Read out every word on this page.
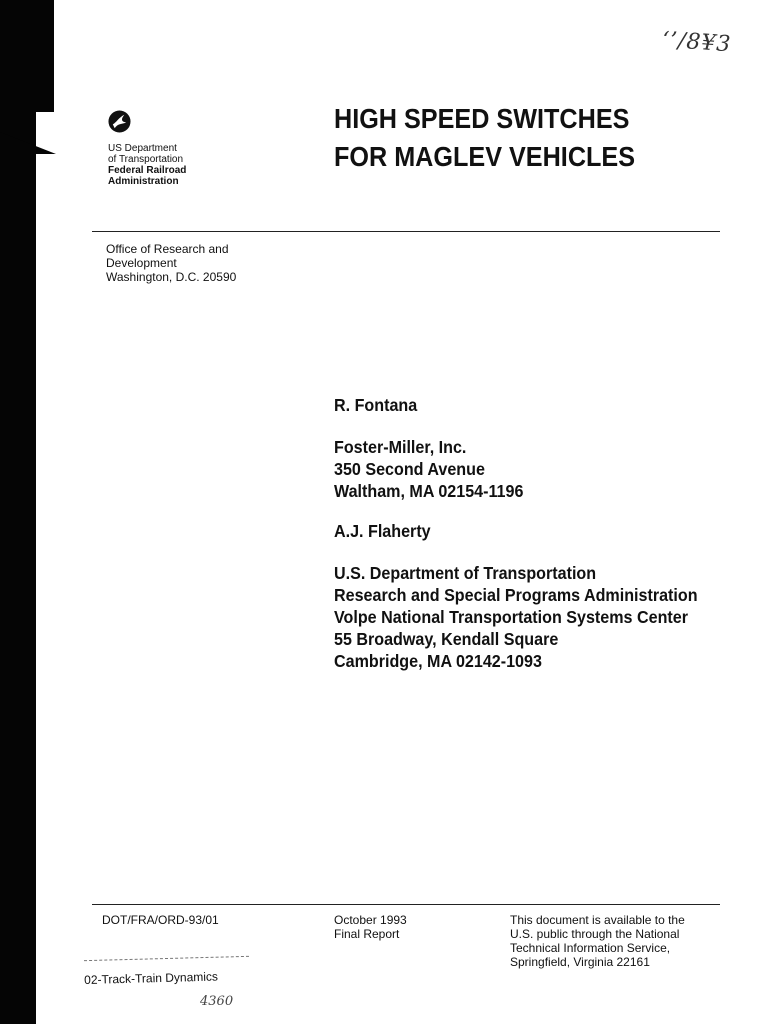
‘’/8¥3
US Department
of Transportation
Federal Railroad
Administration
HIGH SPEED SWITCHES
FOR MAGLEV VEHICLES
Office of Research and
Development
Washington, D.C. 20590
R. Fontana
Foster-Miller, Inc.
350 Second Avenue
Waltham, MA 02154-1196
A.J. Flaherty
U.S. Department of Transportation
Research and Special Programs Administration
Volpe National Transportation Systems Center
55 Broadway, Kendall Square
Cambridge, MA 02142-1093
DOT/FRA/ORD-93/01	October 1993
Final Report
This document is available to the
U.S. public through the National
Technical Information Service,
Springfield, Virginia 22161
02-Track-Train Dynamics
4360
